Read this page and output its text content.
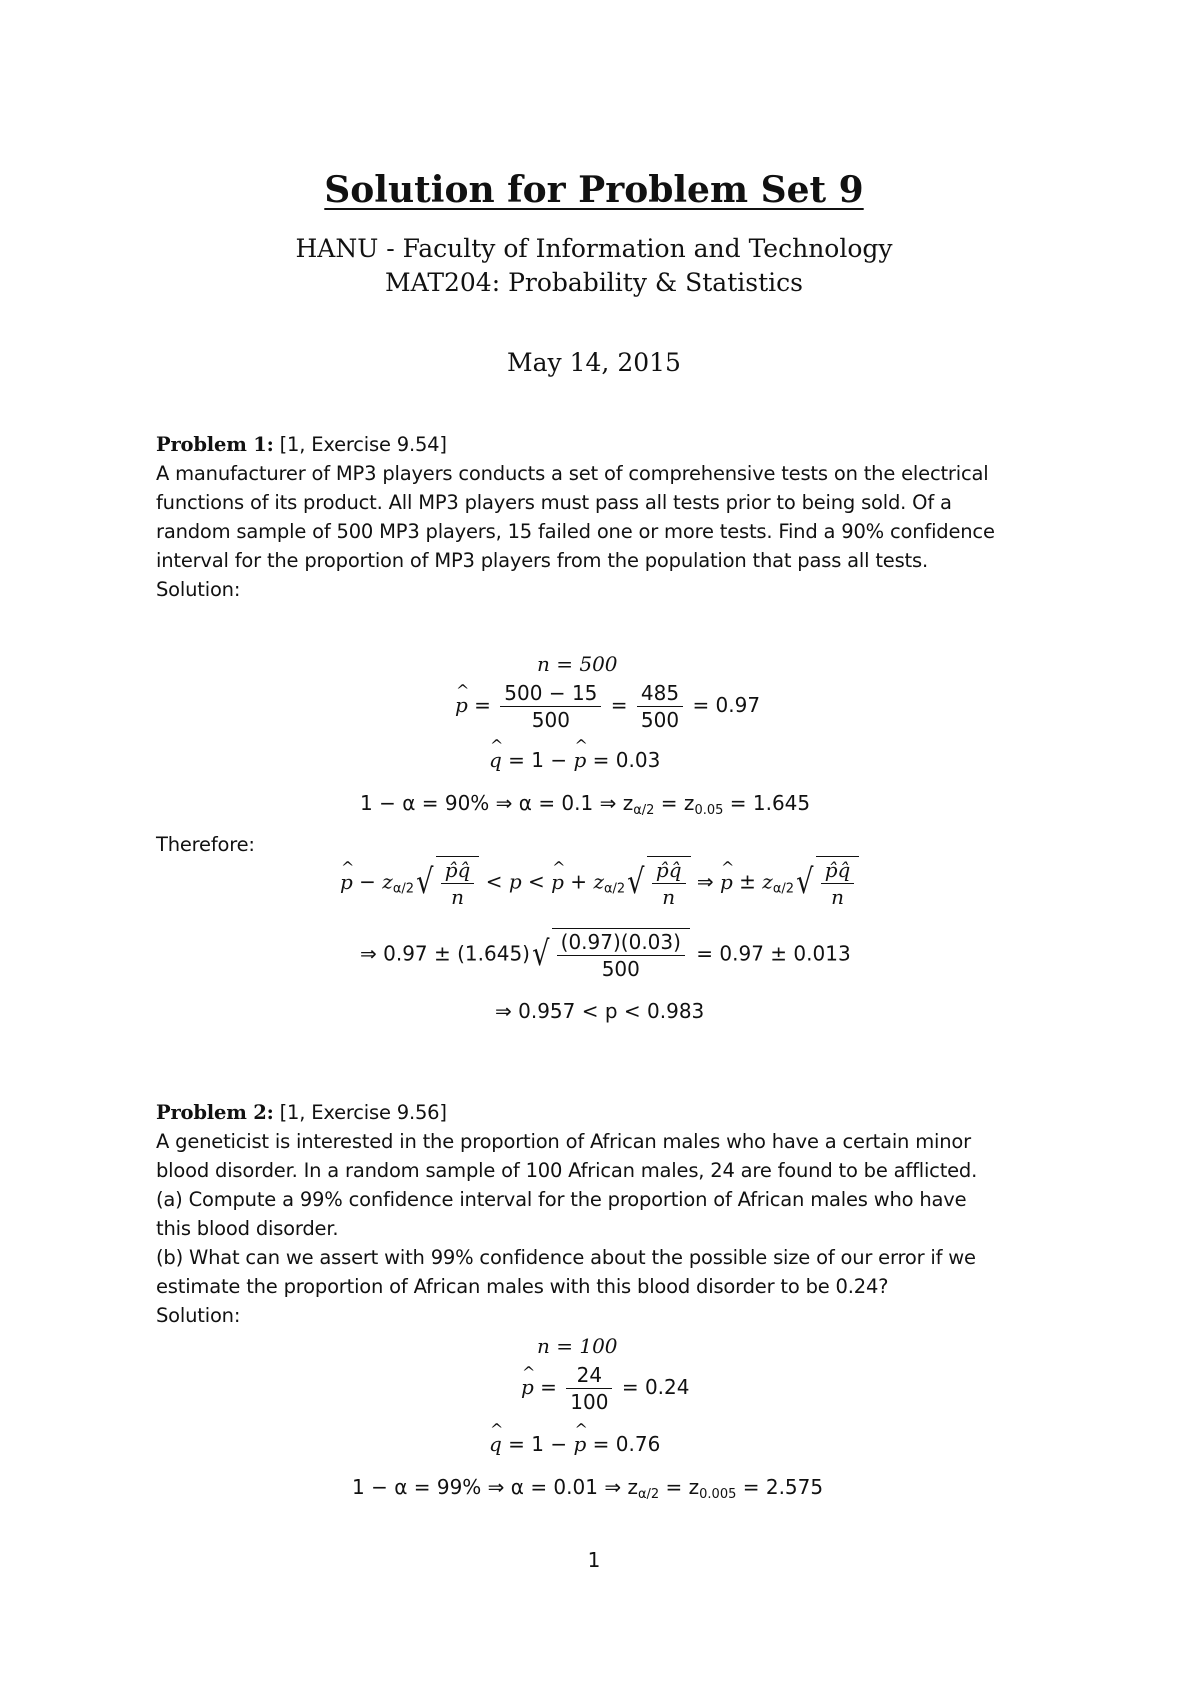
Solution for Problem Set 9
HANU - Faculty of Information and Technology
MAT204: Probability & Statistics
May 14, 2015

Problem 1: [1, Exercise 9.54]

A manufacturer of MP3 players conducts a set of comprehensive tests on the electrical

functions of its product. All MP3 players must pass all tests prior to being sold. Of a

random sample of 500 MP3 players, 15 failed one or more tests. Find a 90% confidence

interval for the proportion of MP3 players from the population that pass all tests.

Solution:

n = 500
^ $p = \frac{500 - 15}{500} = \frac{485}{500} = 0.97$
^ q = 1 − ^ p = 0.03
1 − α = 90% ⇒ α = 0.1 ⇒ $z_{\alpha/2} = z_{0.05} = 1.645$
Therefore:
^ $p - z_{\alpha/2}$ √ $\frac{p̂q̂}{n} < p$ < ^ $p + z_{\alpha/2}$ √ $\frac{p̂q̂}{n}$ ⇒ ^ $p \pm z_{\alpha/2}$ √ $\frac{p̂q̂}{n}$
⇒ 0.97 ± (1.645) √ $\frac{(0.97)(0.03)}{500} = 0.97 \pm 0.013$
⇒ 0.957 < p < 0.983

Problem 2: [1, Exercise 9.56]

A geneticist is interested in the proportion of African males who have a certain minor

blood disorder. In a random sample of 100 African males, 24 are found to be afflicted.

(a) Compute a 99% confidence interval for the proportion of African males who have

this blood disorder.

(b) What can we assert with 99% confidence about the possible size of our error if we

estimate the proportion of African males with this blood disorder to be 0.24?

Solution:

n = 100
^ $p = \frac{24}{100} = 0.24$
^ q = 1 − ^ p = 0.76
1 − α = 99% ⇒ α = 0.01 ⇒ $z_{\alpha/2} = z_{0.005} = 2.575$
1
